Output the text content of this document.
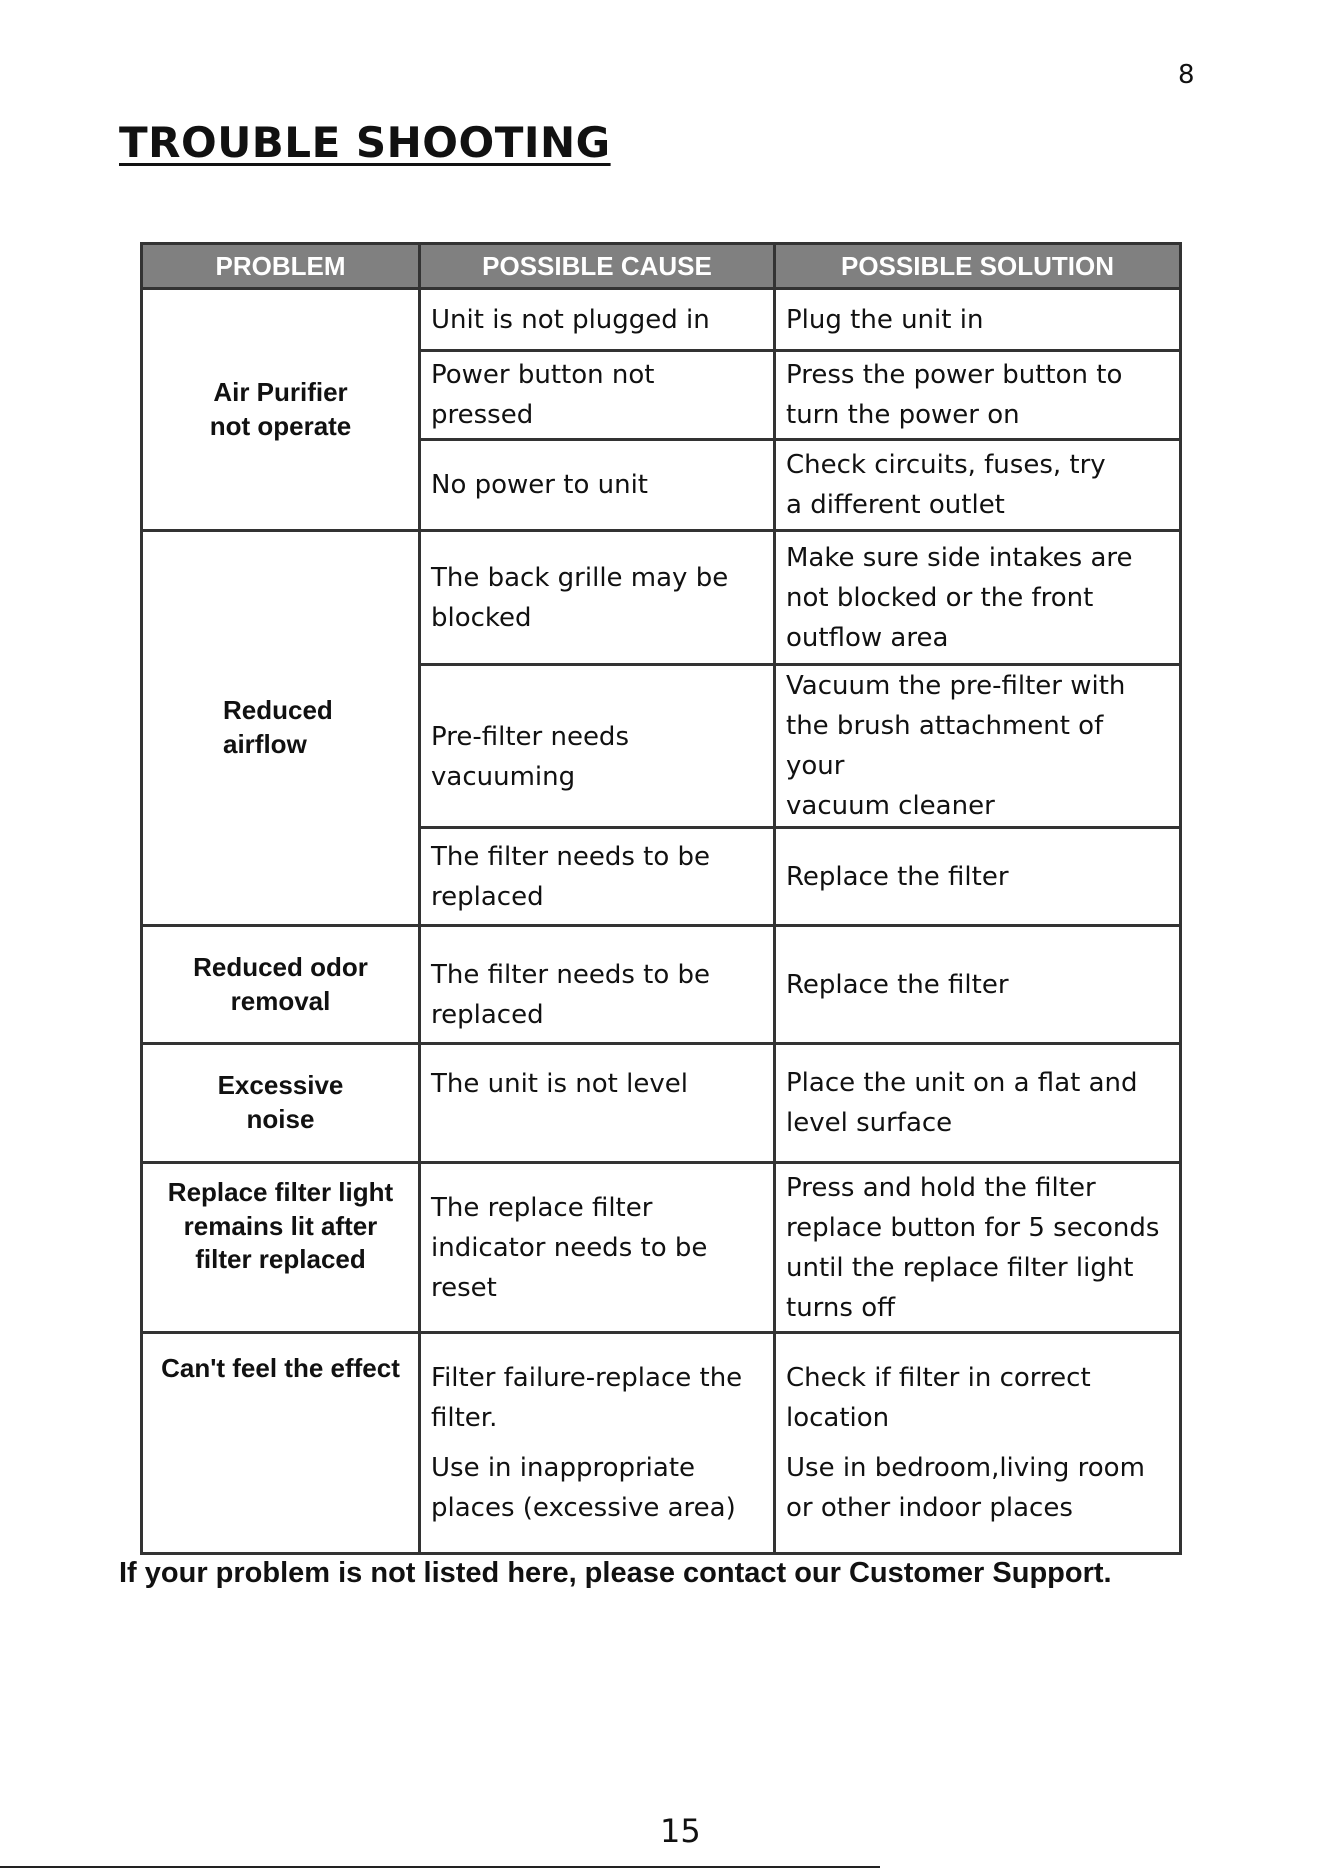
8
TROUBLE SHOOTING
PROBLEM	POSSIBLE CAUSE	POSSIBLE SOLUTION

Air Purifier
not operate	Unit is not plugged in	Plug the unit in

	Power button not pressed	Press the power button to
turn the power on

	No power to unit	Check circuits, fuses, try
a different outlet

Reduced
airflow	The back grille may be
blocked	Make sure side intakes are
not blocked or the front
outflow area

	Pre-filter needs
vacuuming	Vacuum the pre-filter with
the brush attachment of your
vacuum cleaner

	The filter needs to be
replaced	Replace the filter

Reduced odor
removal	The filter needs to be
replaced	Replace the filter

Excessive
noise	The unit is not level	Place the unit on a flat and
level surface

Replace filter light
remains lit after
filter replaced	The replace filter
indicator needs to be
reset	Press and hold the filter
replace button for 5 seconds
until the replace filter light
turns off

Can't feel the effect	Filter failure-replace the
filter.
Use in inappropriate
places (excessive area)	Check if filter in correct
location
Use in bedroom,living room
or other indoor places
If your problem is not listed here, please contact our Customer Support.
15
